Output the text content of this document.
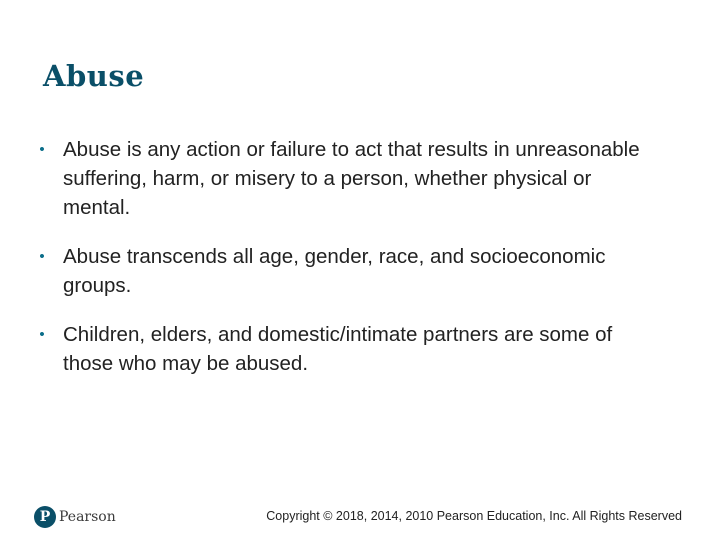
Abuse
• Abuse is any action or failure to act that results in unreasonable suffering, harm, or misery to a person, whether physical or mental.
• Abuse transcends all age, gender, race, and socioeconomic groups.
• Children, elders, and domestic/intimate partners are some of those who may be abused.
P Pearson	Copyright © 2018, 2014, 2010 Pearson Education, Inc. All Rights Reserved
